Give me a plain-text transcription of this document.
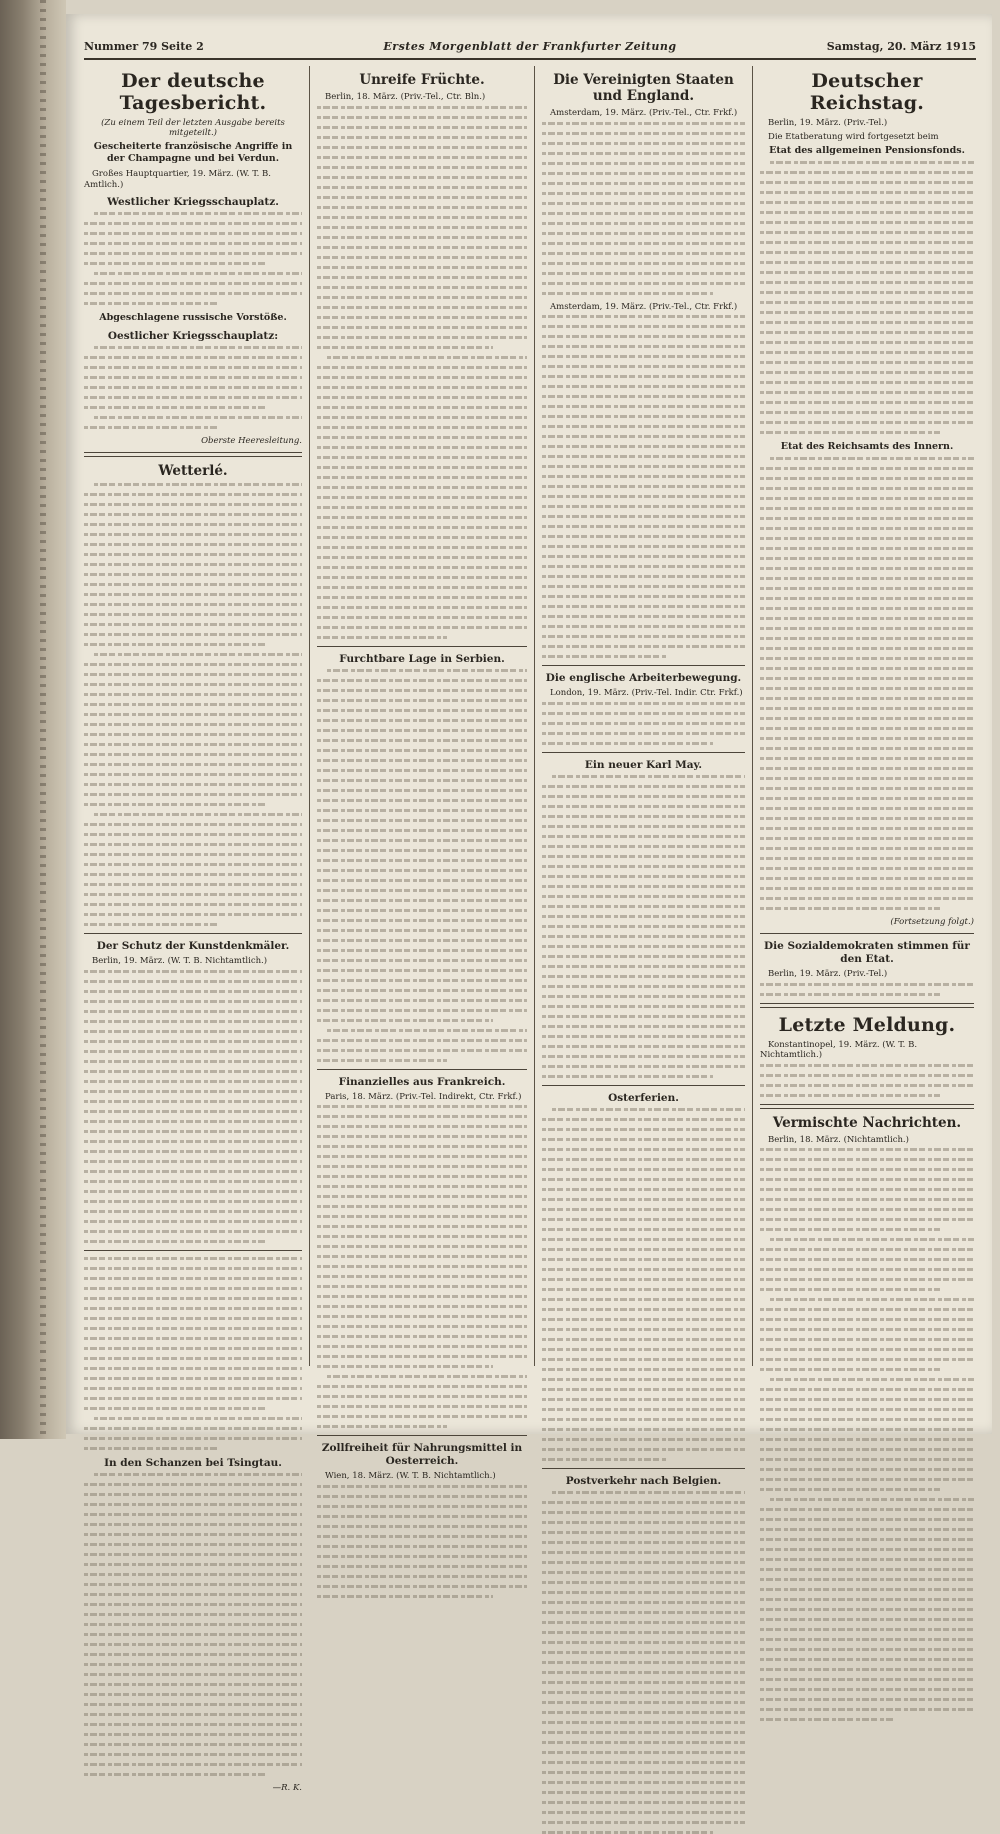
Erstes Morgenblatt der Frankfurter Zeitung
Nummer 79 Seite 2	Samstag, 20. März 1915
Der deutsche Tagesbericht.

(Zu einem Teil der letzten Ausgabe bereits mitgeteilt.)

Gescheiterte französische Angriffe in der Champagne und bei Verdun.

Großes Hauptquartier, 19. März. (W. T. B. Amtlich.)

Westlicher Kriegsschauplatz.

Abgeschlagene russische Vorstöße.

Oestlicher Kriegsschauplatz:

Oberste Heeresleitung.

Wetterlé.
Der Schutz der Kunstdenkmäler.

Berlin, 19. März. (W. T. B. Nichtamtlich.)

In den Schanzen bei Tsingtau.

—R. K.

Unreife Früchte.

Berlin, 18. März. (Priv.-Tel., Ctr. Bln.)

Furchtbare Lage in Serbien.
Finanzielles aus Frankreich.

Paris, 18. März. (Priv.-Tel. Indirekt, Ctr. Frkf.)

Zollfreiheit für Nahrungsmittel in Oesterreich.

Wien, 18. März. (W. T. B. Nichtamtlich.)

Die Vereinigten Staaten und England.

Amsterdam, 19. März. (Priv.-Tel., Ctr. Frkf.)

Amsterdam, 19. März. (Priv.-Tel., Ctr. Frkf.)

Die englische Arbeiterbewegung.

London, 19. März. (Priv.-Tel. Indir. Ctr. Frkf.)

Ein neuer Karl May.
Osterferien.
Postverkehr nach Belgien.
Deutscher Reichstag.

Berlin, 19. März. (Priv.-Tel.)

Die Etatberatung wird fortgesetzt beim

Etat des allgemeinen Pensionsfonds.

Etat des Reichsamts des Innern.

(Fortsetzung folgt.)

Die Sozialdemokraten stimmen für den Etat.

Berlin, 19. März. (Priv.-Tel.)

Letzte Meldung.

Konstantinopel, 19. März. (W. T. B. Nichtamtlich.)

Vermischte Nachrichten.

Berlin, 18. März. (Nichtamtlich.)
